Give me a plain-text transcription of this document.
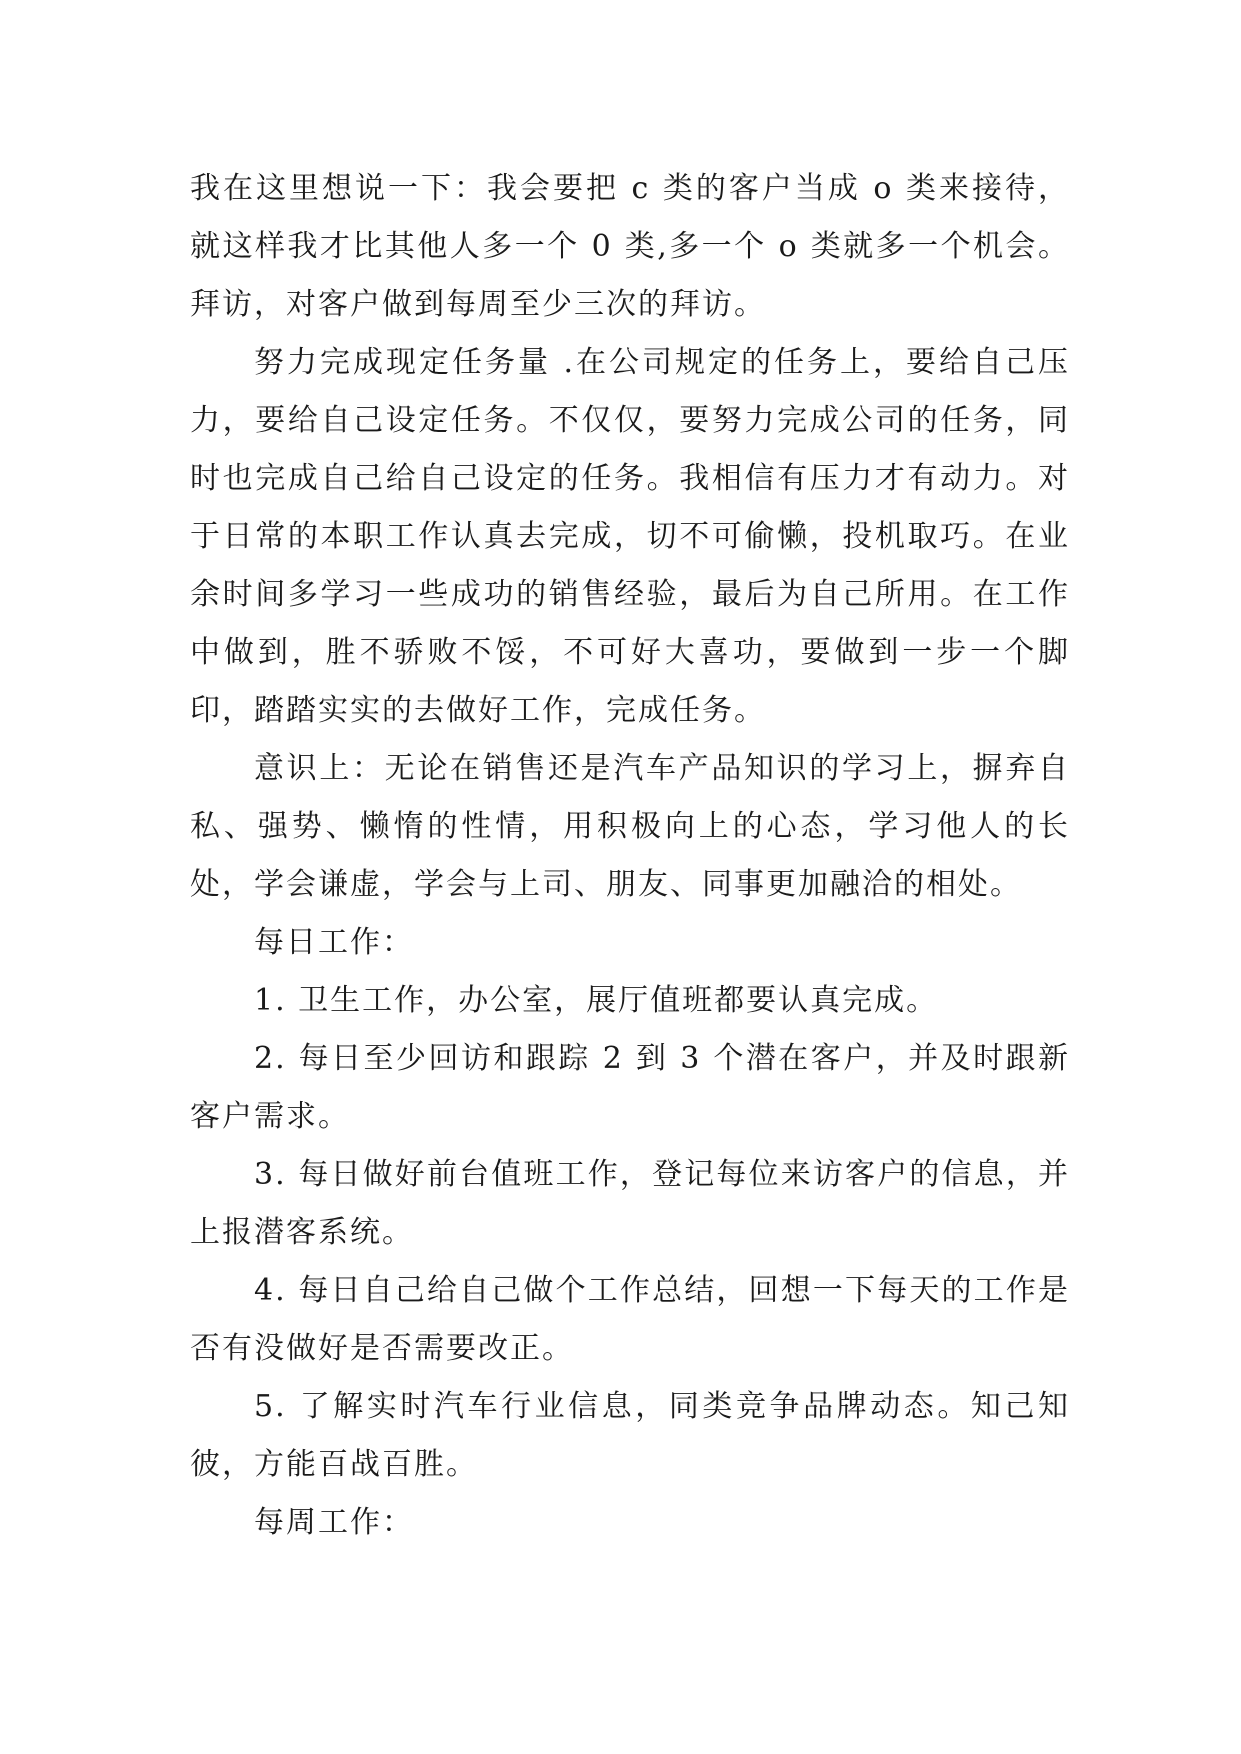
我在这里想说一下：我会要把 c 类的客户当成 o 类来接待，就这样我才比其他人多一个 0 类,多一个 o 类就多一个机会。拜访，对客户做到每周至少三次的拜访。

努力完成现定任务量 .在公司规定的任务上，要给自己压力，要给自己设定任务。不仅仅，要努力完成公司的任务，同时也完成自己给自己设定的任务。我相信有压力才有动力。对于日常的本职工作认真去完成，切不可偷懒，投机取巧。在业余时间多学习一些成功的销售经验，最后为自己所用。在工作中做到，胜不骄败不馁，不可好大喜功，要做到一步一个脚印，踏踏实实的去做好工作，完成任务。

意识上：无论在销售还是汽车产品知识的学习上，摒弃自私、强势、懒惰的性情，用积极向上的心态，学习他人的长处，学会谦虚，学会与上司、朋友、同事更加融洽的相处。

每日工作：

1. 卫生工作，办公室，展厅值班都要认真完成。

2. 每日至少回访和跟踪 2 到 3 个潜在客户，并及时跟新客户需求。

3. 每日做好前台值班工作，登记每位来访客户的信息，并上报潜客系统。

4. 每日自己给自己做个工作总结，回想一下每天的工作是否有没做好是否需要改正。

5. 了解实时汽车行业信息，同类竞争品牌动态。知己知彼，方能百战百胜。

每周工作：
